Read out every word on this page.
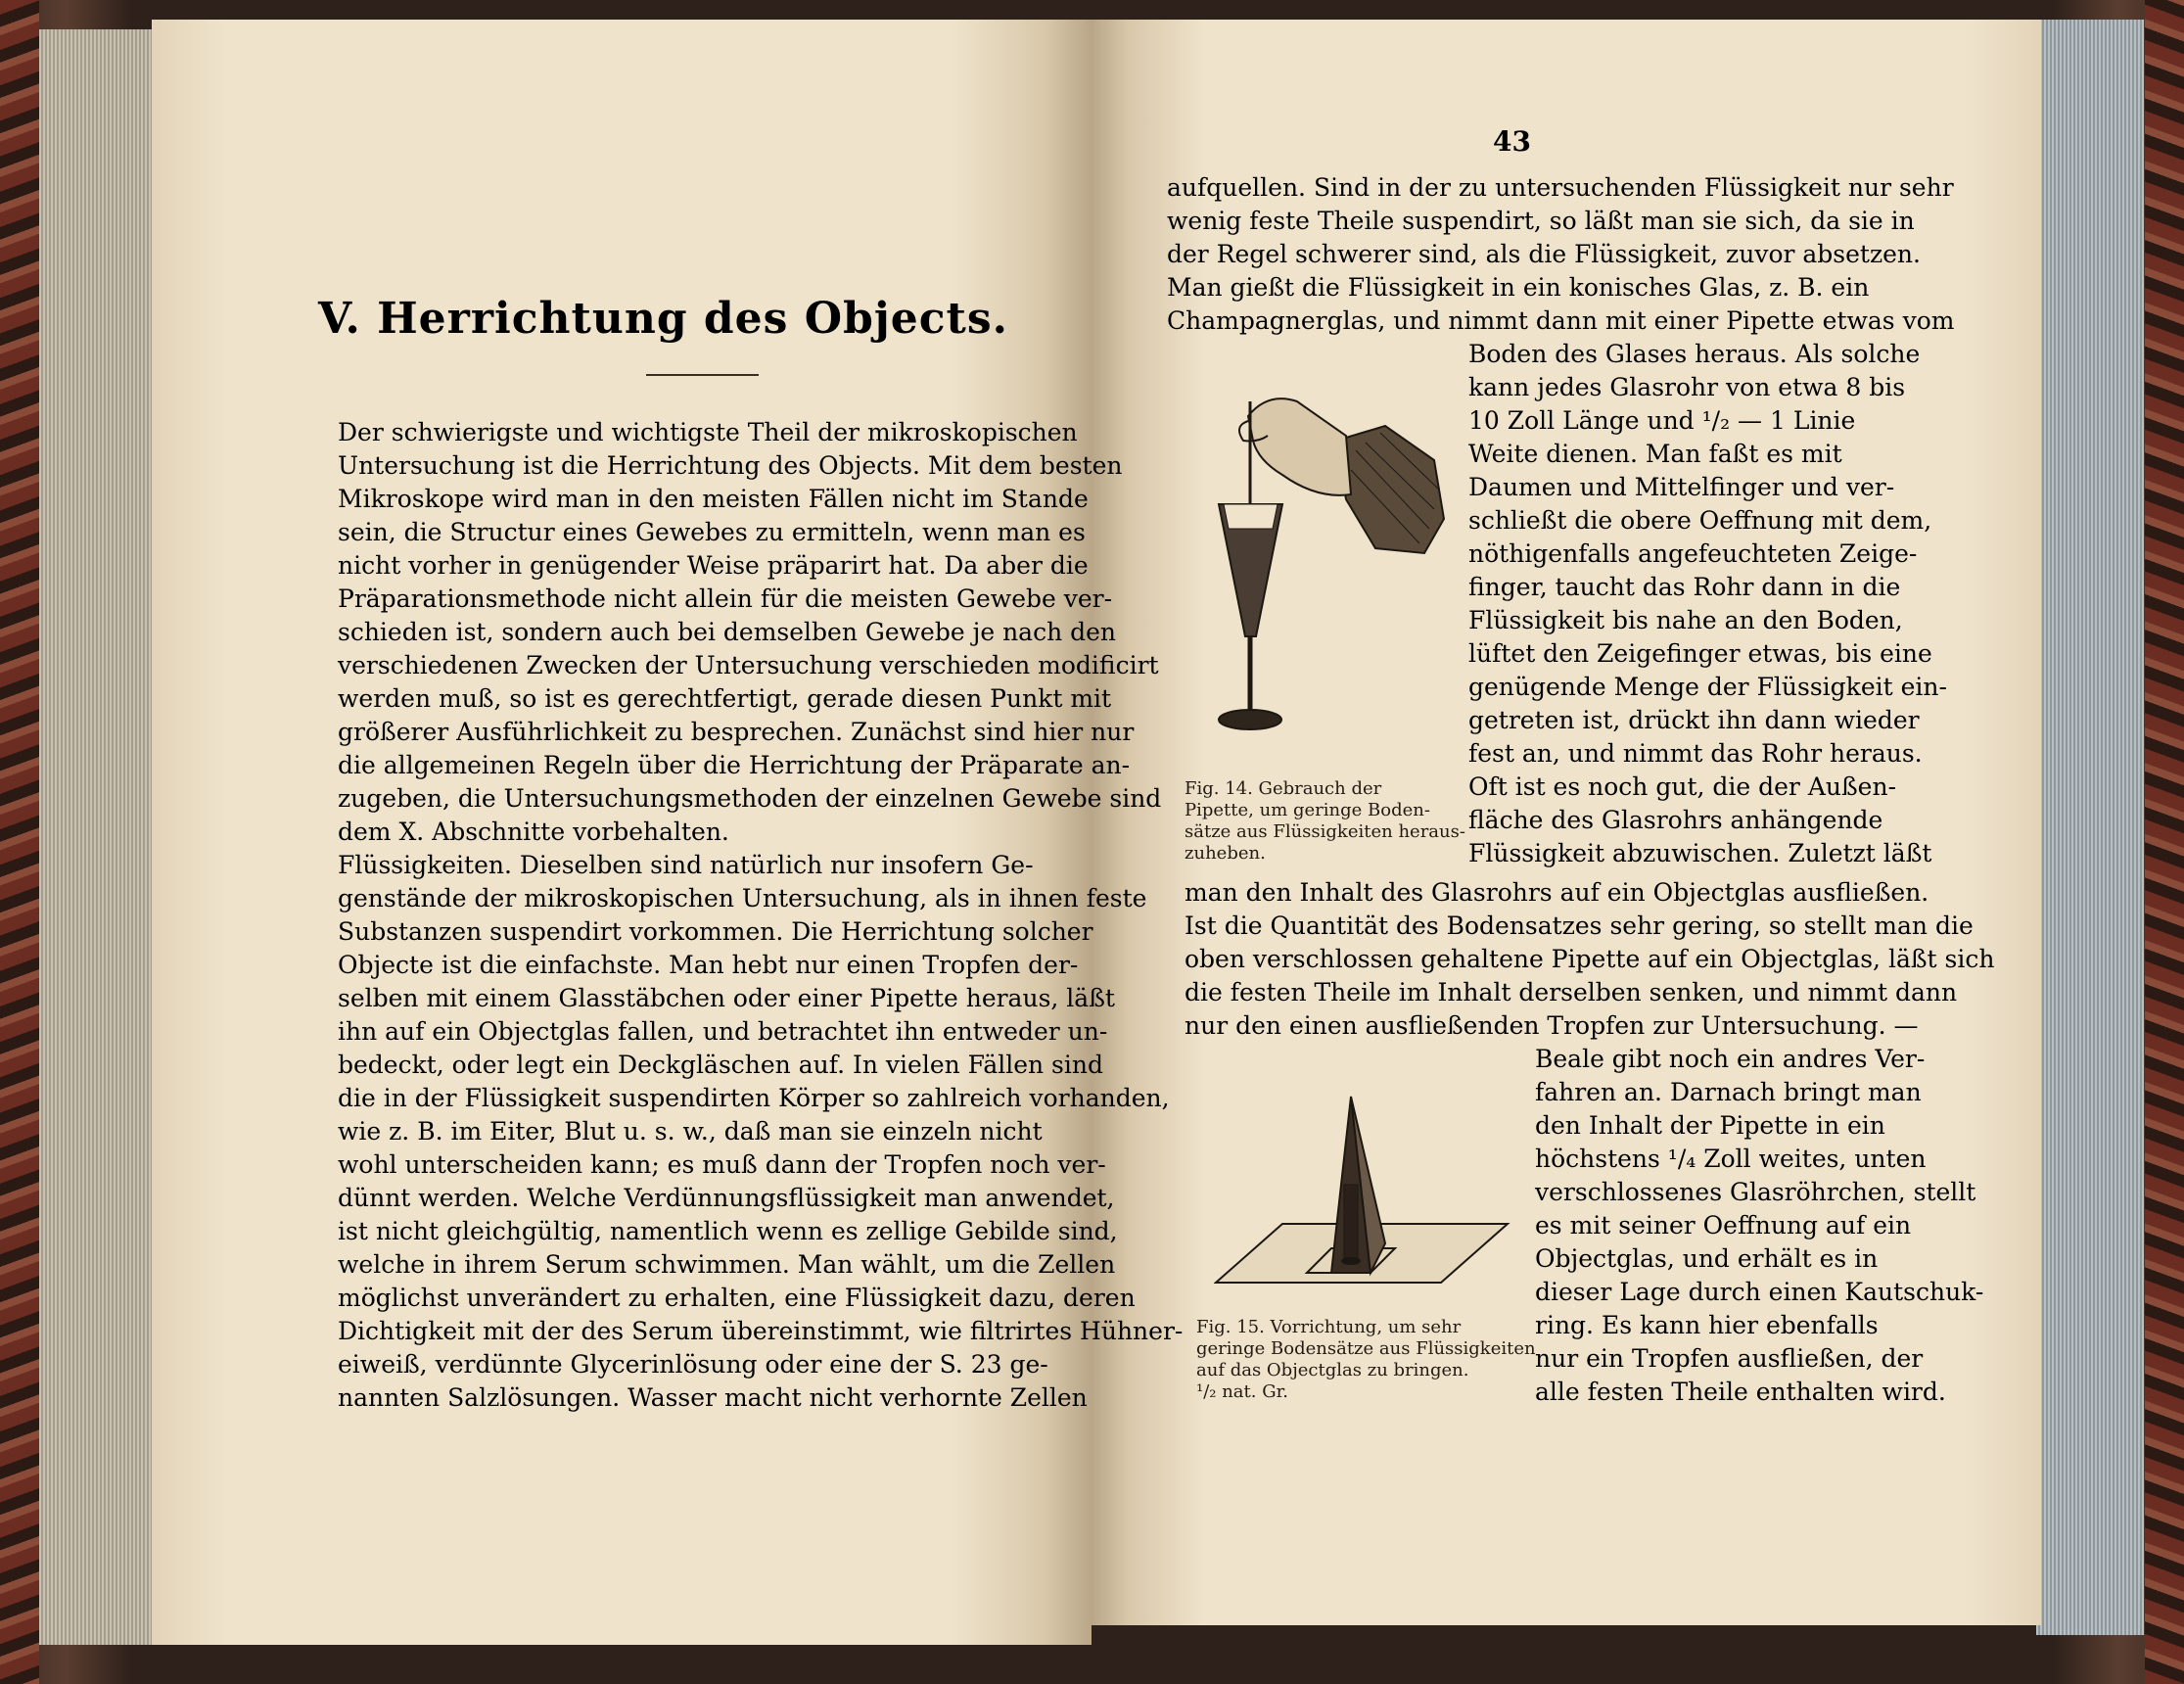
V. Herrichtung des Objects.
Der schwierigste und wichtigste Theil der mikroskopischen
Untersuchung ist die Herrichtung des Objects. Mit dem besten
Mikroskope wird man in den meisten Fällen nicht im Stande
sein, die Structur eines Gewebes zu ermitteln, wenn man es
nicht vorher in genügender Weise präparirt hat. Da aber die
Präparationsmethode nicht allein für die meisten Gewebe ver-
schieden ist, sondern auch bei demselben Gewebe je nach den
verschiedenen Zwecken der Untersuchung verschieden modificirt
werden muß, so ist es gerechtfertigt, gerade diesen Punkt mit
größerer Ausführlichkeit zu besprechen. Zunächst sind hier nur
die allgemeinen Regeln über die Herrichtung der Präparate an-
zugeben, die Untersuchungsmethoden der einzelnen Gewebe sind
dem X. Abschnitte vorbehalten.
Flüssigkeiten. Dieselben sind natürlich nur insofern Ge-
genstände der mikroskopischen Untersuchung, als in ihnen feste
Substanzen suspendirt vorkommen. Die Herrichtung solcher
Objecte ist die einfachste. Man hebt nur einen Tropfen der-
selben mit einem Glasstäbchen oder einer Pipette heraus, läßt
ihn auf ein Objectglas fallen, und betrachtet ihn entweder un-
bedeckt, oder legt ein Deckgläschen auf. In vielen Fällen sind
die in der Flüssigkeit suspendirten Körper so zahlreich vorhanden,
wie z. B. im Eiter, Blut u. s. w., daß man sie einzeln nicht
wohl unterscheiden kann; es muß dann der Tropfen noch ver-
dünnt werden. Welche Verdünnungsflüssigkeit man anwendet,
ist nicht gleichgültig, namentlich wenn es zellige Gebilde sind,
welche in ihrem Serum schwimmen. Man wählt, um die Zellen
möglichst unverändert zu erhalten, eine Flüssigkeit dazu, deren
Dichtigkeit mit der des Serum übereinstimmt, wie filtrirtes Hühner-
eiweiß, verdünnte Glycerinlösung oder eine der S. 23 ge-
nannten Salzlösungen. Wasser macht nicht verhornte Zellen
43
aufquellen. Sind in der zu untersuchenden Flüssigkeit nur sehr
wenig feste Theile suspendirt, so läßt man sie sich, da sie in
der Regel schwerer sind, als die Flüssigkeit, zuvor absetzen.
Man gießt die Flüssigkeit in ein konisches Glas, z. B. ein
Champagnerglas, und nimmt dann mit einer Pipette etwas vom
Boden des Glases heraus. Als solche
kann jedes Glasrohr von etwa 8 bis
10 Zoll Länge und ¹/₂ — 1 Linie
Weite dienen. Man faßt es mit
Daumen und Mittelfinger und ver-
schließt die obere Oeffnung mit dem,
nöthigenfalls angefeuchteten Zeige-
finger, taucht das Rohr dann in die
Flüssigkeit bis nahe an den Boden,
lüftet den Zeigefinger etwas, bis eine
genügende Menge der Flüssigkeit ein-
getreten ist, drückt ihn dann wieder
fest an, und nimmt das Rohr heraus.
Oft ist es noch gut, die der Außen-
fläche des Glasrohrs anhängende
Flüssigkeit abzuwischen. Zuletzt läßt
Fig. 14. Gebrauch der
Pipette, um geringe Boden-
sätze aus Flüssigkeiten heraus-
zuheben.
man den Inhalt des Glasrohrs auf ein Objectglas ausfließen.
Ist die Quantität des Bodensatzes sehr gering, so stellt man die
oben verschlossen gehaltene Pipette auf ein Objectglas, läßt sich
die festen Theile im Inhalt derselben senken, und nimmt dann
nur den einen ausfließenden Tropfen zur Untersuchung. —
Beale gibt noch ein andres Ver-
fahren an. Darnach bringt man
den Inhalt der Pipette in ein
höchstens ¹/₄ Zoll weites, unten
verschlossenes Glasröhrchen, stellt
es mit seiner Oeffnung auf ein
Objectglas, und erhält es in
dieser Lage durch einen Kautschuk-
ring. Es kann hier ebenfalls
nur ein Tropfen ausfließen, der
alle festen Theile enthalten wird.
Fig. 15. Vorrichtung, um sehr
geringe Bodensätze aus Flüssigkeiten
auf das Objectglas zu bringen.
¹/₂ nat. Gr.
